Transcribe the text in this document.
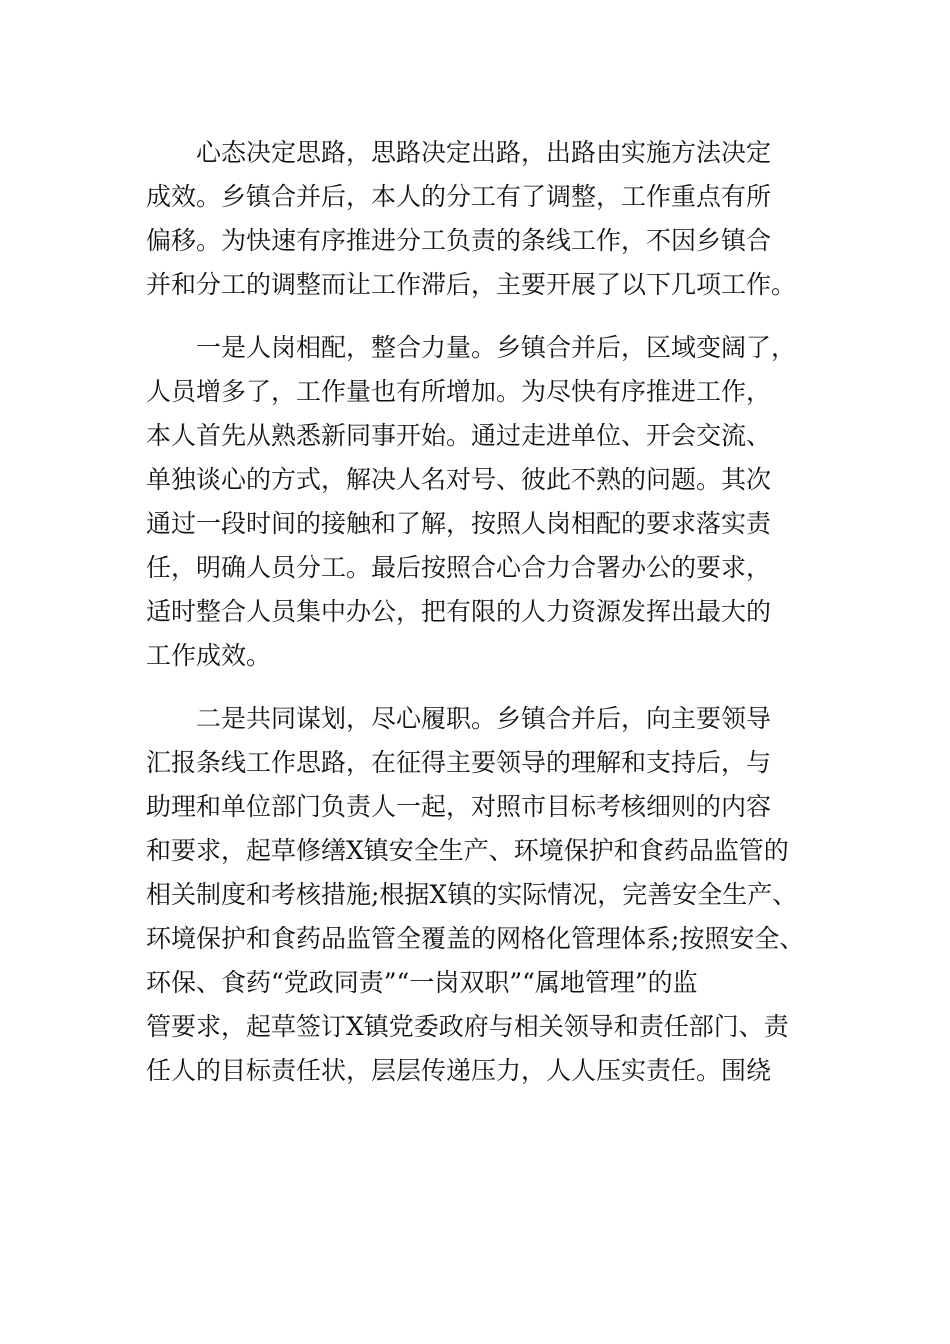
心态决定思路，思路决定出路，出路由实施方法决定
成效。乡镇合并后，本人的分工有了调整，工作重点有所
偏移。为快速有序推进分工负责的条线工作，不因乡镇合
并和分工的调整而让工作滞后，主要开展了以下几项工作。
一是人岗相配，整合力量。乡镇合并后，区域变阔了，
人员增多了，工作量也有所增加。为尽快有序推进工作，
本人首先从熟悉新同事开始。通过走进单位、开会交流、
单独谈心的方式，解决人名对号、彼此不熟的问题。其次
通过一段时间的接触和了解，按照人岗相配的要求落实责
任，明确人员分工。最后按照合心合力合署办公的要求，
适时整合人员集中办公，把有限的人力资源发挥出最大的
工作成效。
二是共同谋划，尽心履职。乡镇合并后，向主要领导
汇报条线工作思路，在征得主要领导的理解和支持后，与
助理和单位部门负责人一起，对照市目标考核细则的内容
和要求，起草修缮X镇安全生产、环境保护和食药品监管的
相关制度和考核措施;根据X镇的实际情况，完善安全生产、
环境保护和食药品监管全覆盖的网格化管理体系;按照安全、
环保、食药“党政同责”“一岗双职”“属地管理”的监
管要求，起草签订X镇党委政府与相关领导和责任部门、责
任人的目标责任状，层层传递压力，人人压实责任。围绕
